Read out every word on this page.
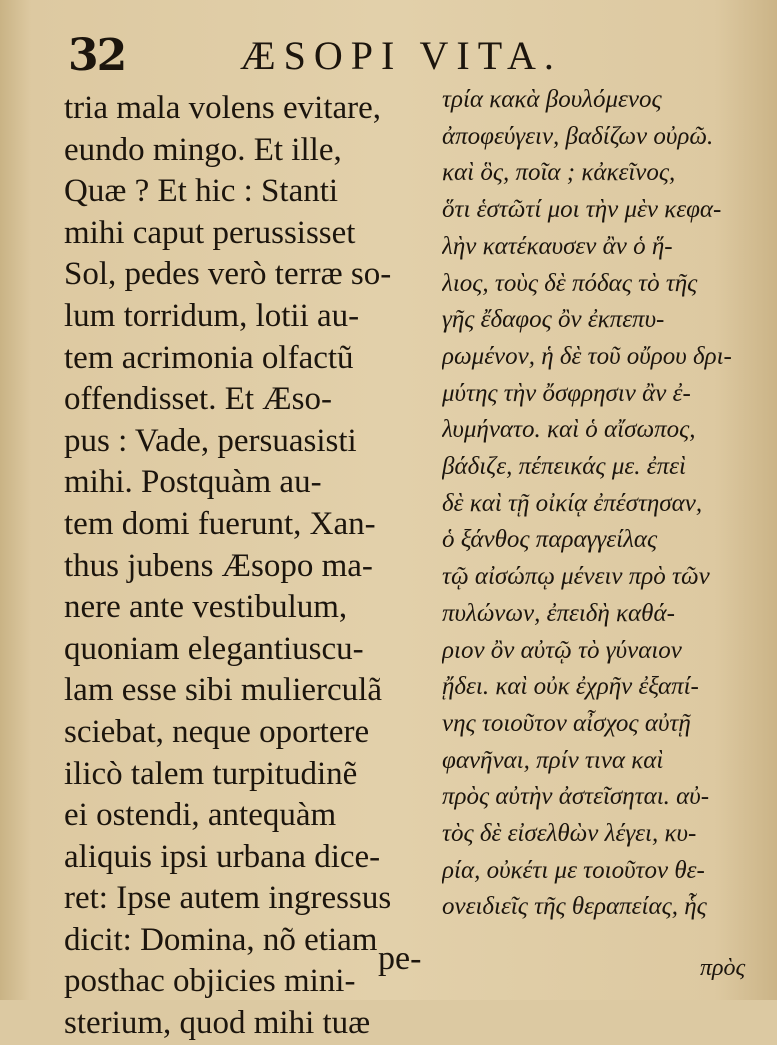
32	ÆSOPI VITA.
tria mala volens evitare,
eundo mingo. Et ille,
Quæ ? Et hic : Stanti
mihi caput perussisset
Sol, pedes verò terræ so-
lum torridum, lotii au-
tem acrimonia olfactũ
offendisset. Et Æso-
pus : Vade, persuasisti
mihi. Postquàm au-
tem domi fuerunt, Xan-
thus jubens Æsopo ma-
nere ante vestibulum,
quoniam elegantiuscu-
lam esse sibi mulierculã
sciebat, neque oportere
ilicò talem turpitudinẽ
ei ostendi, antequàm
aliquis ipsi urbana dice-
ret: Ipse autem ingressus
dicit: Domina, nõ etiam
posthac objicies mini-
sterium, quod mihi tuæ
τρία κακὰ βουλόμενος
ἀποφεύγειν, βαδίζων οὐρῶ.
καὶ ὃς, ποῖα ; κἀκεῖνος,
ὅτι ἑστῶτί μοι τὴν μὲν κεφα-
λὴν κατέκαυσεν ἂν ὁ ἥ-
λιος, τοὺς δὲ πόδας τὸ τῆς
γῆς ἔδαφος ὂν ἐκπεπυ-
ρωμένον, ἡ δὲ τοῦ οὔρου δρι-
μύτης τὴν ὄσφρησιν ἂν ἐ-
λυμήνατο. καὶ ὁ αἴσωπος,
βάδιζε, πέπεικάς με. ἐπεὶ
δὲ καὶ τῇ οἰκίᾳ ἐπέστησαν,
ὁ ξάνθος παραγγείλας
τῷ αἰσώπῳ μένειν πρὸ τῶν
πυλώνων, ἐπειδὴ καθά-
ριον ὂν αὐτῷ τὸ γύναιον
ᾔδει. καὶ οὐκ ἐχρῆν ἐξαπί-
νης τοιοῦτον αἶσχος αὐτῇ
φανῆναι, πρίν τινα καὶ
πρὸς αὐτὴν ἀστεῖσηται. αὐ-
τὸς δὲ εἰσελθὼν λέγει, κυ-
ρία, οὐκέτι με τοιοῦτον θε-
ονειδιεῖς τῆς θεραπείας, ἧς
pe-	πρὸς
